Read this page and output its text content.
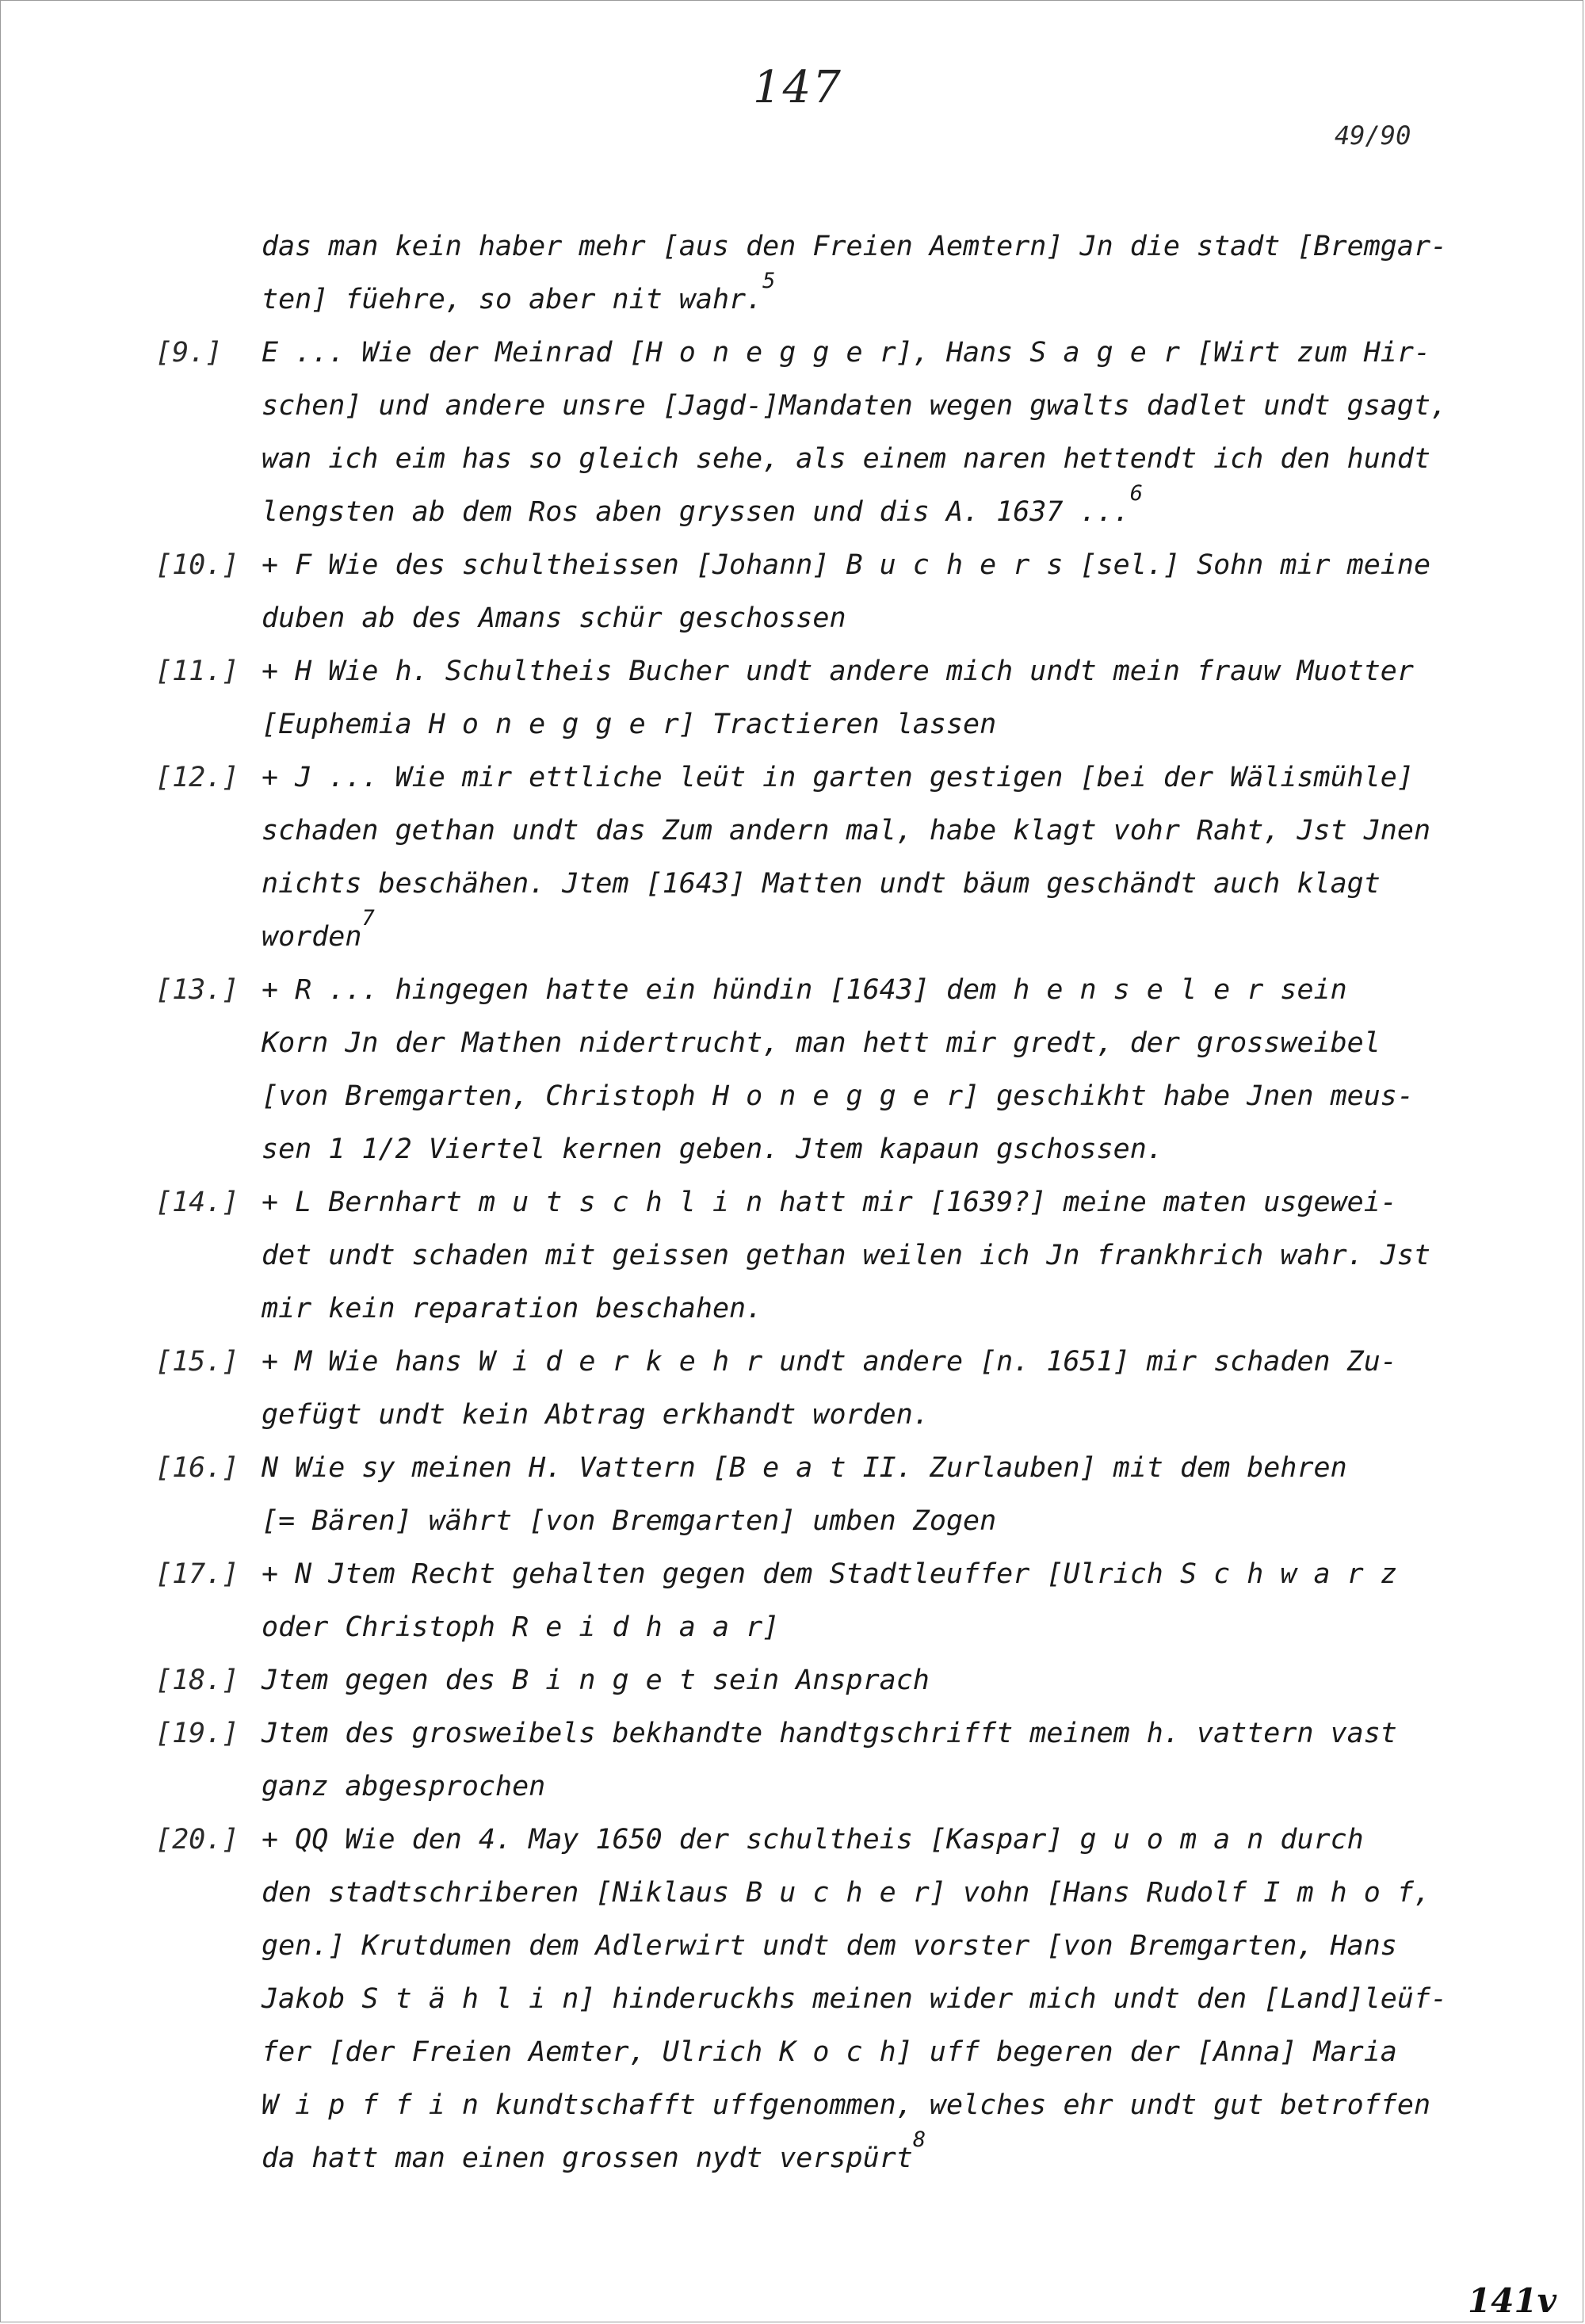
147
49/90
das man kein haber mehr [aus den Freien Aemtern] Jn die stadt [Bremgar-
ten] füehre, so aber nit wahr.$^5$
[9.] E ... Wie der Meinrad [H o n e g g e r], Hans S a g e r [Wirt zum Hir-
schen] und andere unsre [Jagd-]Mandaten wegen gwalts dadlet undt gsagt,
wan ich eim has so gleich sehe, als einem naren hettendt ich den hundt
lengsten ab dem Ros aben gryssen und dis A. 1637 ...$^6$
[10.] + F Wie des schultheissen [Johann] B u c h e r s [sel.] Sohn mir meine
duben ab des Amans schür geschossen
[11.] + H Wie h. Schultheis Bucher undt andere mich undt mein frauw Muotter
[Euphemia H o n e g g e r] Tractieren lassen
[12.] + J ... Wie mir ettliche leüt in garten gestigen [bei der Wälismühle]
schaden gethan undt das Zum andern mal, habe klagt vohr Raht, Jst Jnen
nichts beschähen. Jtem [1643] Matten undt bäum geschändt auch klagt
worden$^7$
[13.] + R ... hingegen hatte ein hündin [1643] dem h e n s e l e r sein
Korn Jn der Mathen nidertrucht, man hett mir gredt, der grossweibel
[von Bremgarten, Christoph H o n e g g e r] geschikht habe Jnen meus-
sen 1 1/2 Viertel kernen geben. Jtem kapaun gschossen.
[14.] + L Bernhart m u t s c h l i n hatt mir [1639?] meine maten usgewei-
det undt schaden mit geissen gethan weilen ich Jn frankhrich wahr. Jst
mir kein reparation beschahen.
[15.] + M Wie hans W i d e r k e h r undt andere [n. 1651] mir schaden Zu-
gefügt undt kein Abtrag erkhandt worden.
[16.] N Wie sy meinen H. Vattern [B e a t II. Zurlauben] mit dem behren
[= Bären] währt [von Bremgarten] umben Zogen
[17.] + N Jtem Recht gehalten gegen dem Stadtleuffer [Ulrich S c h w a r z
oder Christoph R e i d h a a r]
[18.] Jtem gegen des B i n g e t sein Ansprach
[19.] Jtem des grosweibels bekhandte handtgschrifft meinem h. vattern vast
ganz abgesprochen
[20.] + QQ Wie den 4. May 1650 der schultheis [Kaspar] g u o m a n durch
den stadtschriberen [Niklaus B u c h e r] vohn [Hans Rudolf I m h o f,
gen.] Krutdumen dem Adlerwirt undt dem vorster [von Bremgarten, Hans
Jakob S t ä h l i n] hinderuckhs meinen wider mich undt den [Land]leüf-
fer [der Freien Aemter, Ulrich K o c h] uff begeren der [Anna] Maria
W i p f f i n kundtschafft uffgenommen, welches ehr undt gut betroffen
da hatt man einen grossen nydt verspürt$^8$
141v
